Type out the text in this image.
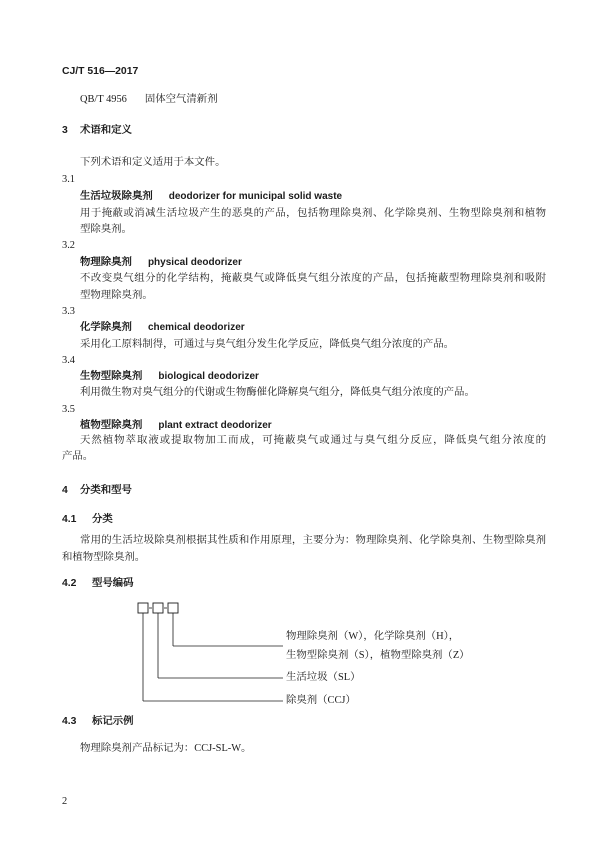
CJ/T 516—2017
QB/T 4956 固体空气清新剂
3 术语和定义
下列术语和定义适用于本文件。
3.1
生活垃圾除臭剂 deodorizer for municipal solid waste
用于掩蔽或消减生活垃圾产生的恶臭的产品，包括物理除臭剂、化学除臭剂、生物型除臭剂和植物
型除臭剂。
3.2
物理除臭剂 physical deodorizer
不改变臭气组分的化学结构，掩蔽臭气或降低臭气组分浓度的产品，包括掩蔽型物理除臭剂和吸附
型物理除臭剂。
3.3
化学除臭剂 chemical deodorizer
采用化工原料制得，可通过与臭气组分发生化学反应，降低臭气组分浓度的产品。
3.4
生物型除臭剂 biological deodorizer
利用微生物对臭气组分的代谢或生物酶催化降解臭气组分，降低臭气组分浓度的产品。
3.5
植物型除臭剂 plant extract deodorizer
天然植物萃取液或提取物加工而成，可掩蔽臭气或通过与臭气组分反应，降低臭气组分浓度的
产品。
4 分类和型号
4.1 分类
常用的生活垃圾除臭剂根据其性质和作用原理，主要分为：物理除臭剂、化学除臭剂、生物型除臭剂
和植物型除臭剂。
4.2 型号编码
物理除臭剂（W），化学除臭剂（H），
生物型除臭剂（S），植物型除臭剂（Z）
生活垃圾（SL）
除臭剂（CCJ）
4.3 标记示例
物理除臭剂产品标记为：CCJ-SL-W。
2
